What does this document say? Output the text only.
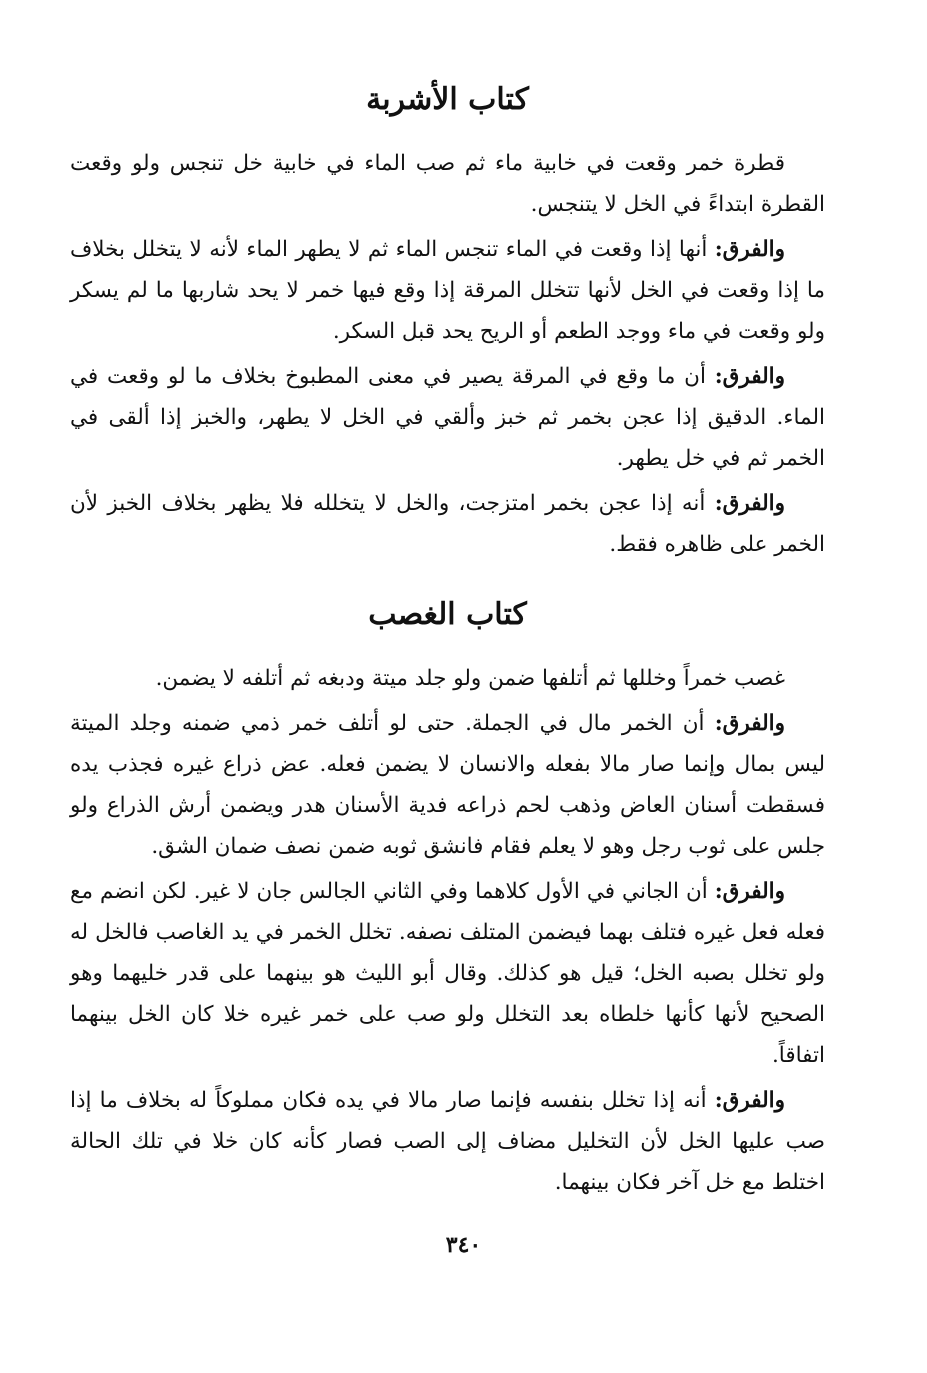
كتاب الأشربة

قطرة خمر وقعت في خابية ماء ثم صب الماء في خابية خل تنجس ولو وقعت القطرة ابتداءً في الخل لا يتنجس.

والفرق: أنها إذا وقعت في الماء تنجس الماء ثم لا يطهر الماء لأنه لا يتخلل بخلاف ما إذا وقعت في الخل لأنها تتخلل المرقة إذا وقع فيها خمر لا يحد شاربها ما لم يسكر ولو وقعت في ماء ووجد الطعم أو الريح يحد قبل السكر.

والفرق: أن ما وقع في المرقة يصير في معنى المطبوخ بخلاف ما لو وقعت في الماء. الدقيق إذا عجن بخمر ثم خبز وألقي في الخل لا يطهر، والخبز إذا ألقى في الخمر ثم في خل يطهر.

والفرق: أنه إذا عجن بخمر امتزجت، والخل لا يتخلله فلا يظهر بخلاف الخبز لأن الخمر على ظاهره فقط.

كتاب الغصب

غصب خمراً وخللها ثم أتلفها ضمن ولو جلد ميتة ودبغه ثم أتلفه لا يضمن.

والفرق: أن الخمر مال في الجملة. حتى لو أتلف خمر ذمي ضمنه وجلد الميتة ليس بمال وإنما صار مالا بفعله والانسان لا يضمن فعله. عض ذراع غيره فجذب يده فسقطت أسنان العاض وذهب لحم ذراعه فدية الأسنان هدر ويضمن أرش الذراع ولو جلس على ثوب رجل وهو لا يعلم فقام فانشق ثوبه ضمن نصف ضمان الشق.

والفرق: أن الجاني في الأول كلاهما وفي الثاني الجالس جان لا غير. لكن انضم مع فعله فعل غيره فتلف بهما فيضمن المتلف نصفه. تخلل الخمر في يد الغاصب فالخل له ولو تخلل بصبه الخل؛ قيل هو كذلك. وقال أبو الليث هو بينهما على قدر خليهما وهو الصحيح لأنها كأنها خلطاه بعد التخلل ولو صب على خمر غيره خلا كان الخل بينهما اتفاقاً.

والفرق: أنه إذا تخلل بنفسه فإنما صار مالا في يده فكان مملوكاً له بخلاف ما إذا صب عليها الخل لأن التخليل مضاف إلى الصب فصار كأنه كان خلا في تلك الحالة اختلط مع خل آخر فكان بينهما.

٣٤٠
